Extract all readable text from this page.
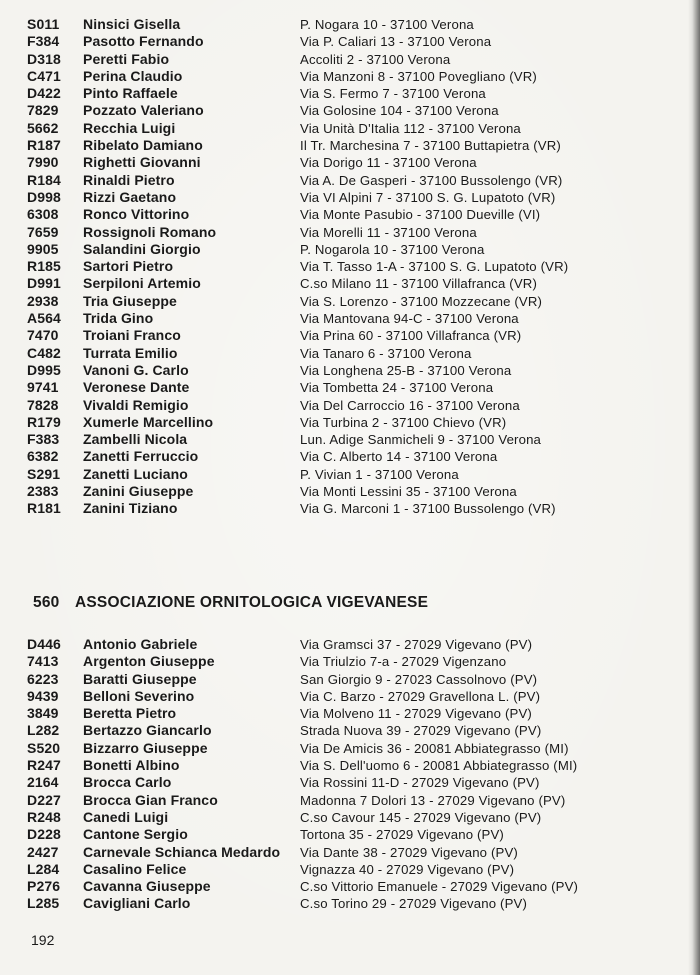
S011	Ninsici Gisella	P. Nogara 10 - 37100 Verona
F384	Pasotto Fernando	Via P. Caliari 13 - 37100 Verona
D318	Peretti Fabio	Accoliti 2 - 37100 Verona
C471	Perina Claudio	Via Manzoni 8 - 37100 Povegliano (VR)
D422	Pinto Raffaele	Via S. Fermo 7 - 37100 Verona
7829	Pozzato Valeriano	Via Golosine 104 - 37100 Verona
5662	Recchia Luigi	Via Unità D'Italia 112 - 37100 Verona
R187	Ribelato Damiano	Il Tr. Marchesina 7 - 37100 Buttapietra (VR)
7990	Righetti Giovanni	Via Dorigo 11 - 37100 Verona
R184	Rinaldi Pietro	Via A. De Gasperi - 37100 Bussolengo (VR)
D998	Rizzi Gaetano	Via VI Alpini 7 - 37100 S. G. Lupatoto (VR)
6308	Ronco Vittorino	Via Monte Pasubio - 37100 Dueville (VI)
7659	Rossignoli Romano	Via Morelli 11 - 37100 Verona
9905	Salandini Giorgio	P. Nogarola 10 - 37100 Verona
R185	Sartori Pietro	Via T. Tasso 1-A - 37100 S. G. Lupatoto (VR)
D991	Serpiloni Artemio	C.so Milano 11 - 37100 Villafranca (VR)
2938	Tria Giuseppe	Via S. Lorenzo - 37100 Mozzecane (VR)
A564	Trida Gino	Via Mantovana 94-C - 37100 Verona
7470	Troiani Franco	Via Prina 60 - 37100 Villafranca (VR)
C482	Turrata Emilio	Via Tanaro 6 - 37100 Verona
D995	Vanoni G. Carlo	Via Longhena 25-B - 37100 Verona
9741	Veronese Dante	Via Tombetta 24 - 37100 Verona
7828	Vivaldi Remigio	Via Del Carroccio 16 - 37100 Verona
R179	Xumerle Marcellino	Via Turbina 2 - 37100 Chievo (VR)
F383	Zambelli Nicola	Lun. Adige Sanmicheli 9 - 37100 Verona
6382	Zanetti Ferruccio	Via C. Alberto 14 - 37100 Verona
S291	Zanetti Luciano	P. Vivian 1 - 37100 Verona
2383	Zanini Giuseppe	Via Monti Lessini 35 - 37100 Verona
R181	Zanini Tiziano	Via G. Marconi 1 - 37100 Bussolengo (VR)
560 ASSOCIAZIONE ORNITOLOGICA VIGEVANESE
D446	Antonio Gabriele	Via Gramsci 37 - 27029 Vigevano (PV)
7413	Argenton Giuseppe	Via Triulzio 7-a - 27029 Vigenzano
6223	Baratti Giuseppe	San Giorgio 9 - 27023 Cassolnovo (PV)
9439	Belloni Severino	Via C. Barzo - 27029 Gravellona L. (PV)
3849	Beretta Pietro	Via Molveno 11 - 27029 Vigevano (PV)
L282	Bertazzo Giancarlo	Strada Nuova 39 - 27029 Vigevano (PV)
S520	Bizzarro Giuseppe	Via De Amicis 36 - 20081 Abbiategrasso (MI)
R247	Bonetti Albino	Via S. Dell'uomo 6 - 20081 Abbiategrasso (MI)
2164	Brocca Carlo	Via Rossini 11-D - 27029 Vigevano (PV)
D227	Brocca Gian Franco	Madonna 7 Dolori 13 - 27029 Vigevano (PV)
R248	Canedi Luigi	C.so Cavour 145 - 27029 Vigevano (PV)
D228	Cantone Sergio	Tortona 35 - 27029 Vigevano (PV)
2427	Carnevale Schianca Medardo	Via Dante 38 - 27029 Vigevano (PV)
L284	Casalino Felice	Vignazza 40 - 27029 Vigevano (PV)
P276	Cavanna Giuseppe	C.so Vittorio Emanuele - 27029 Vigevano (PV)
L285	Cavigliani Carlo	C.so Torino 29 - 27029 Vigevano (PV)
192
